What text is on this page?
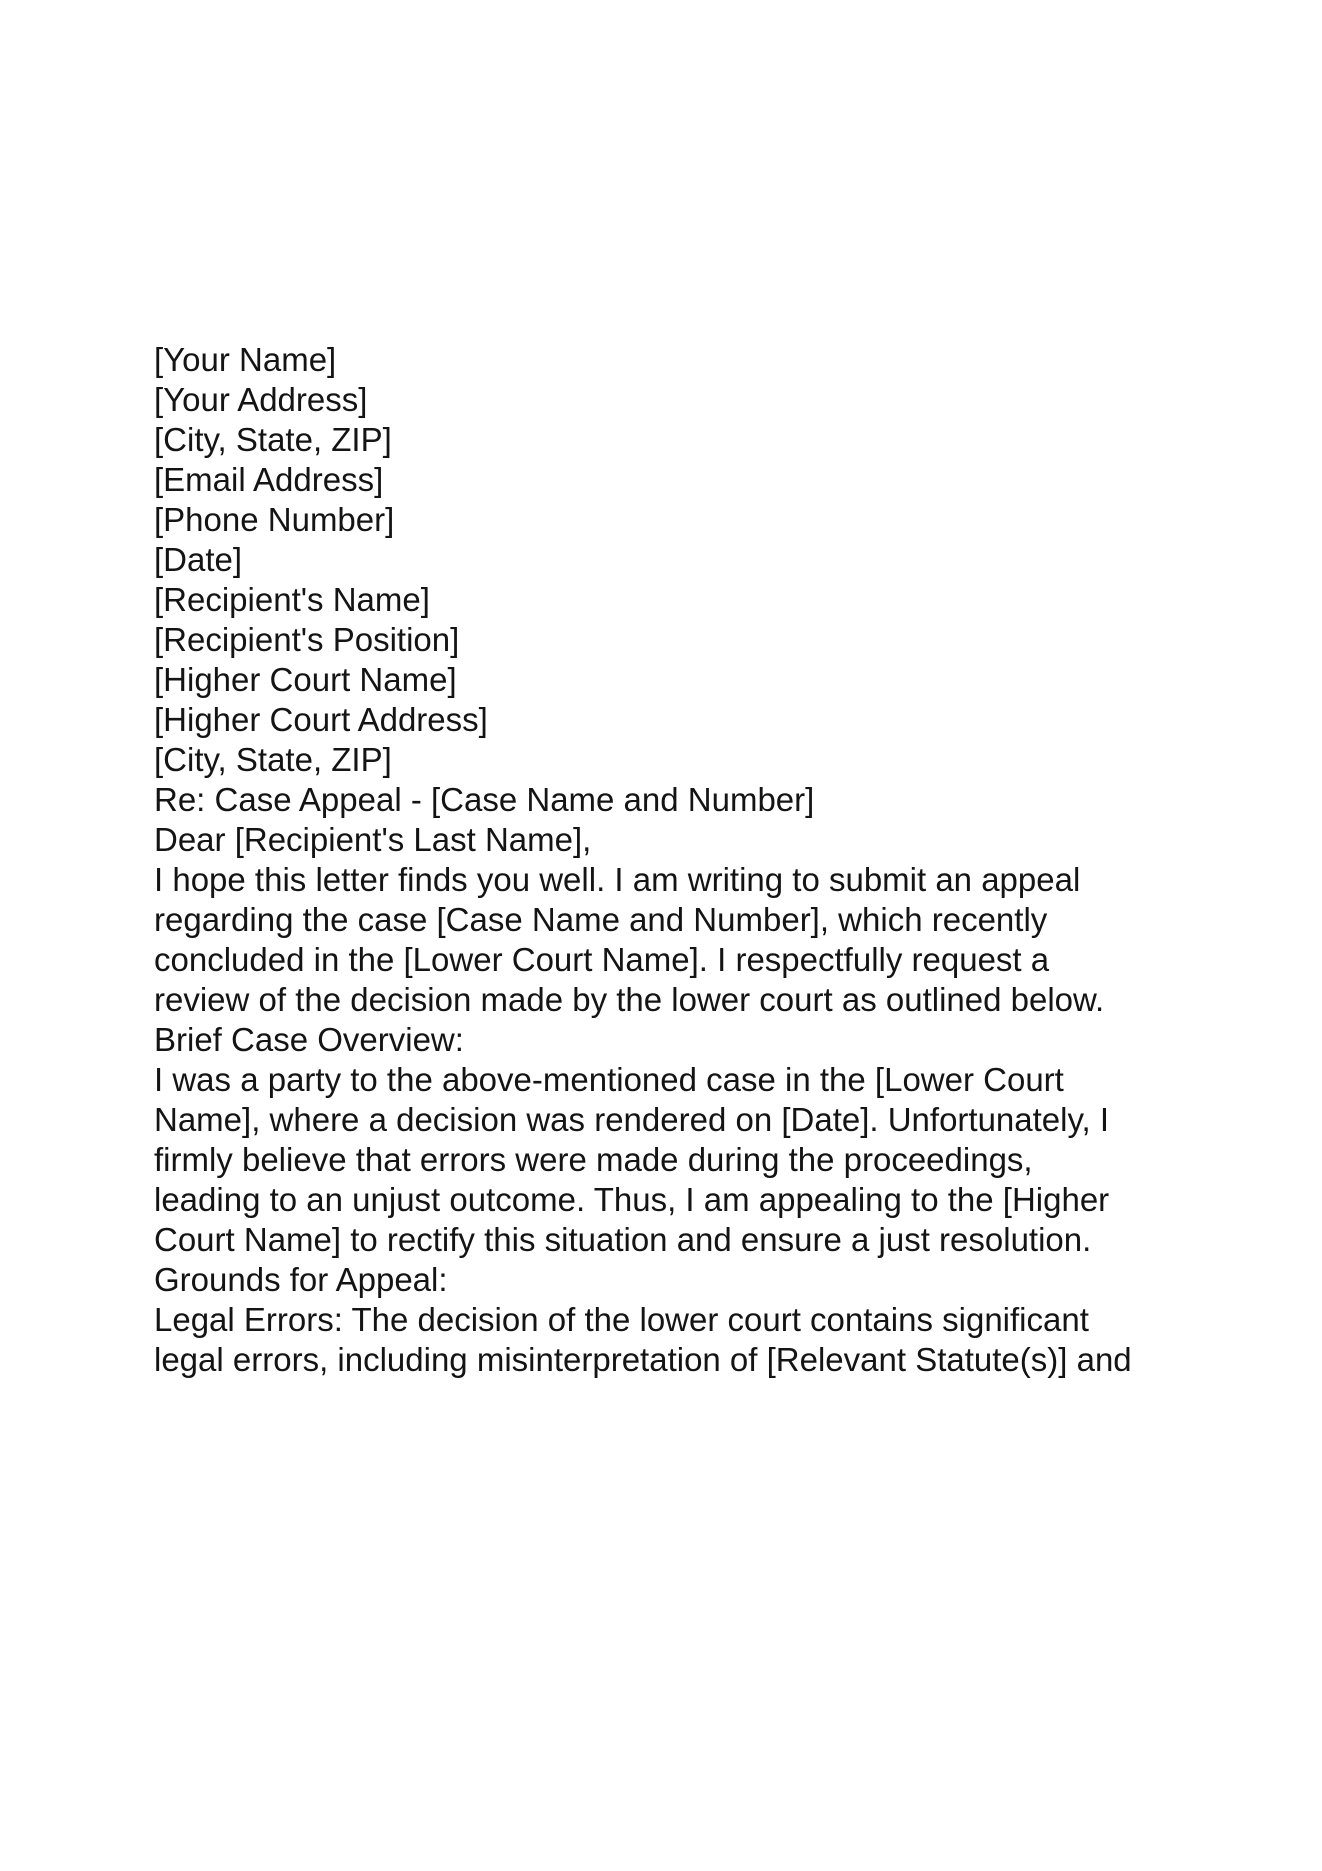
[Your Name]
[Your Address]
[City, State, ZIP]
[Email Address]
[Phone Number]
[Date]
[Recipient's Name]
[Recipient's Position]
[Higher Court Name]
[Higher Court Address]
[City, State, ZIP]
Re: Case Appeal - [Case Name and Number]
Dear [Recipient's Last Name],
I hope this letter finds you well. I am writing to submit an appeal
regarding the case [Case Name and Number], which recently
concluded in the [Lower Court Name]. I respectfully request a
review of the decision made by the lower court as outlined below.
Brief Case Overview:
I was a party to the above-mentioned case in the [Lower Court
Name], where a decision was rendered on [Date]. Unfortunately, I
firmly believe that errors were made during the proceedings,
leading to an unjust outcome. Thus, I am appealing to the [Higher
Court Name] to rectify this situation and ensure a just resolution.
Grounds for Appeal:
Legal Errors: The decision of the lower court contains significant
legal errors, including misinterpretation of [Relevant Statute(s)] and
